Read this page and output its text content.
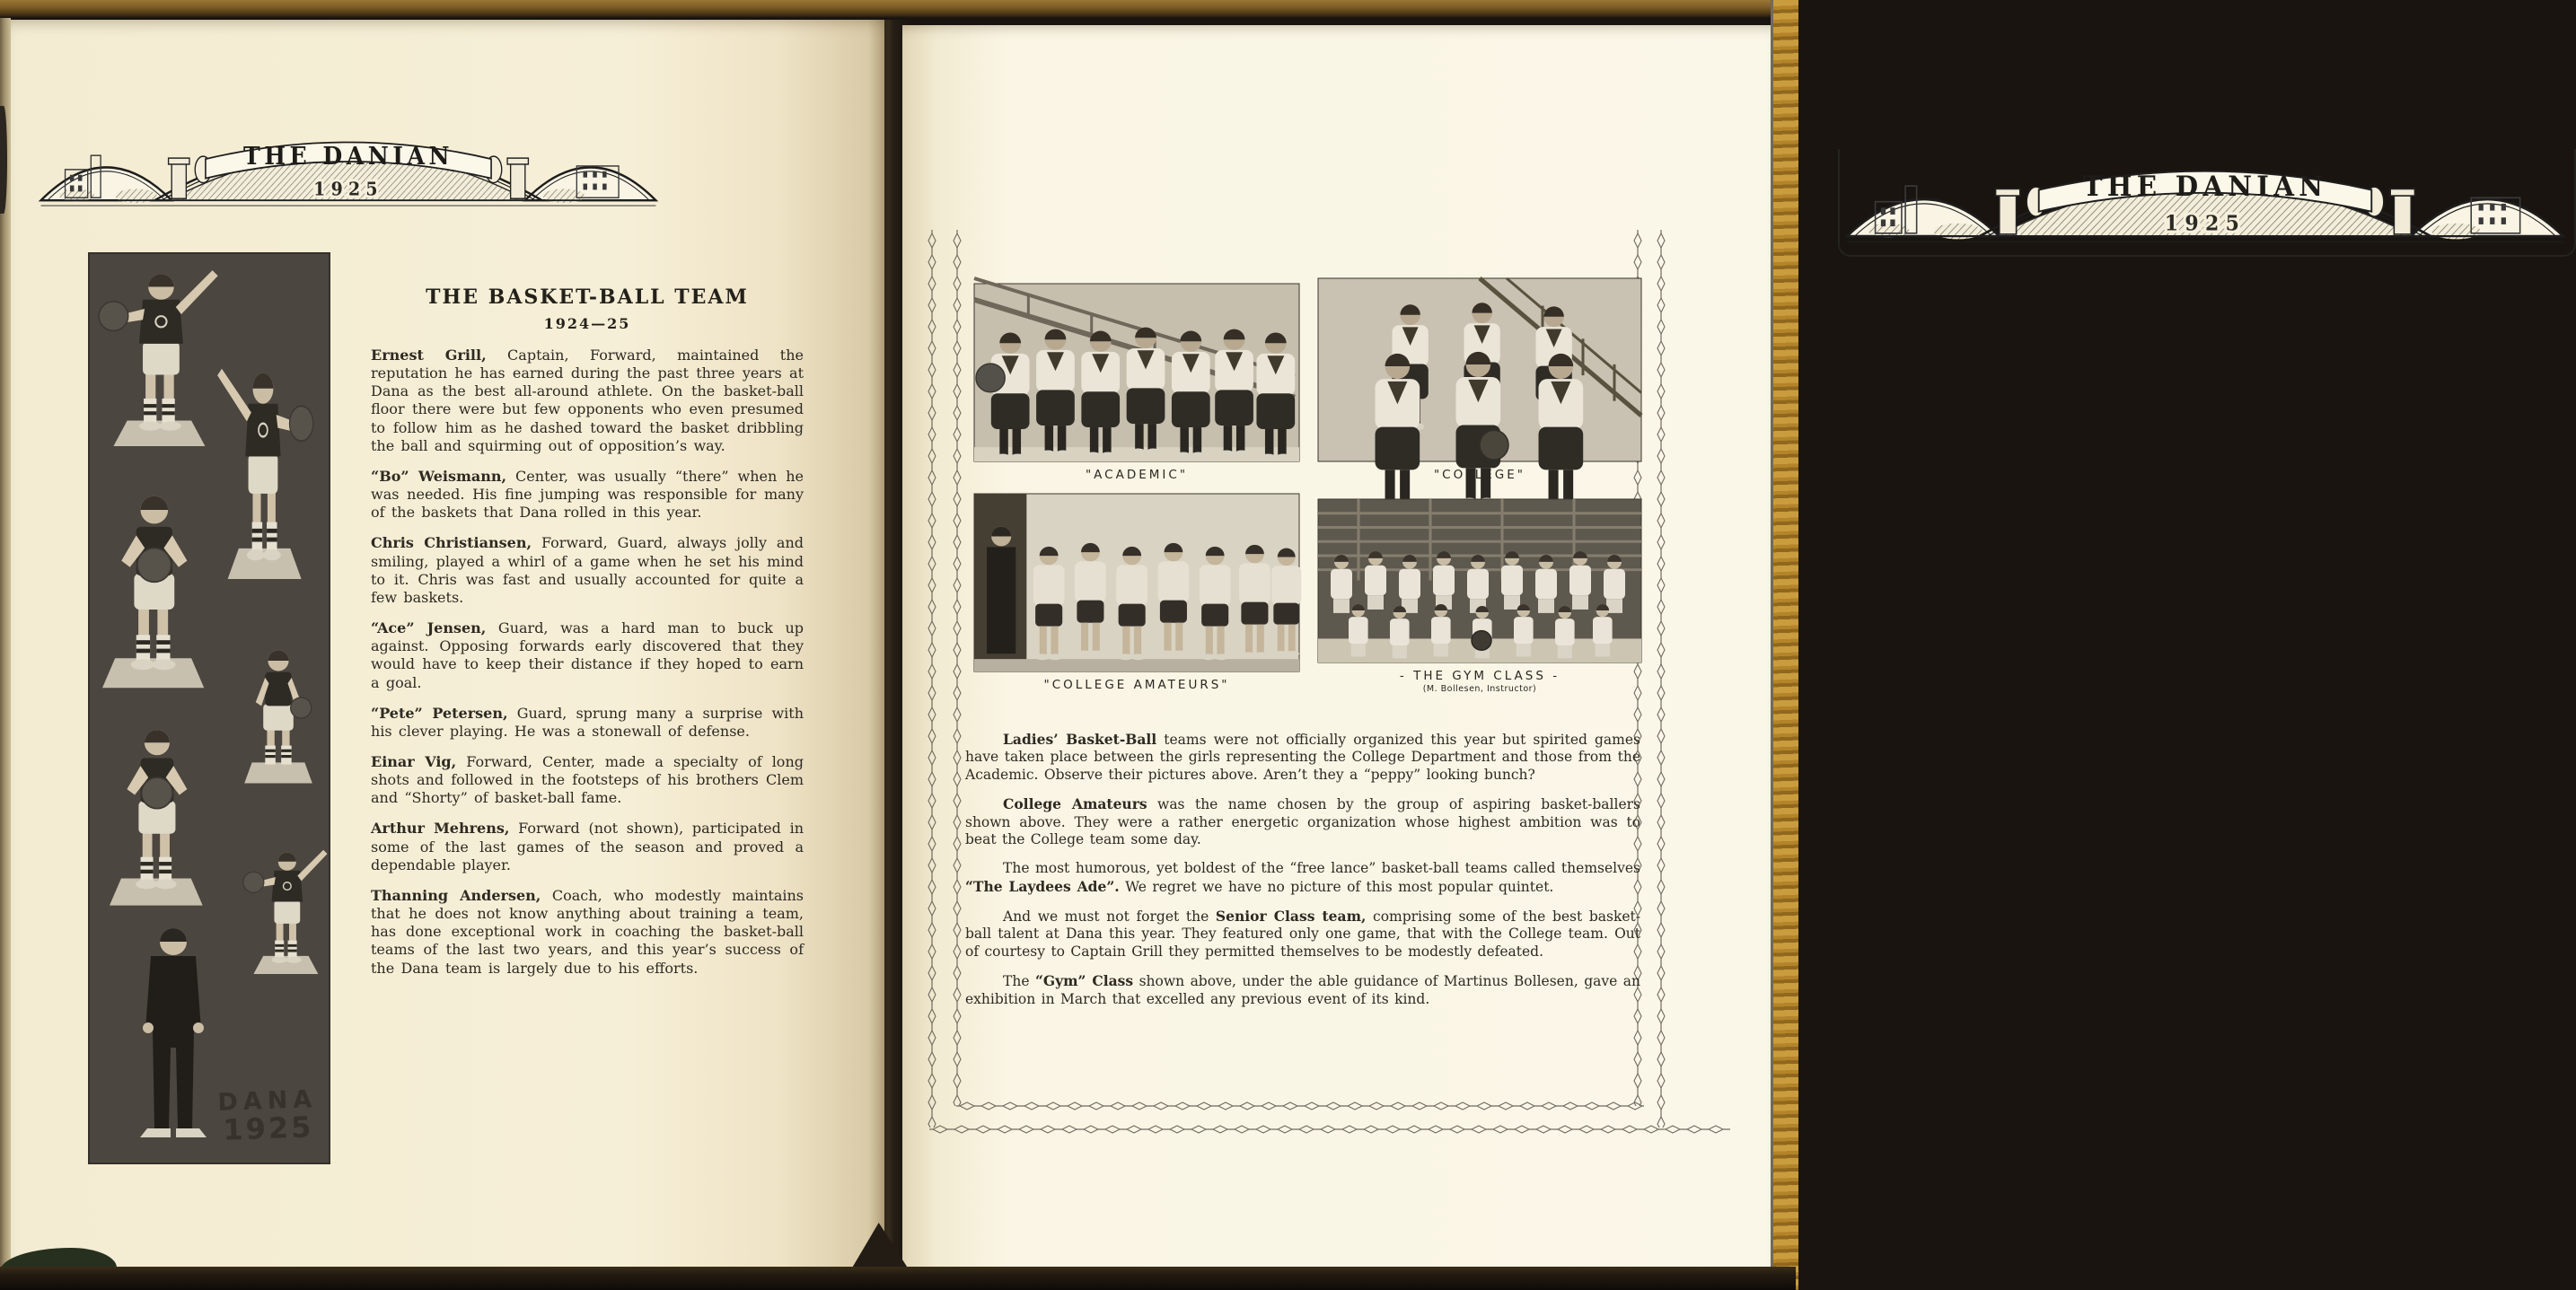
THE DANIAN
1925
DANA
1925
THE BASKET-BALL TEAM
1924—25

Ernest Grill, Captain, Forward, maintained the reputation he has earned during the past three years at Dana as the best all-around athlete. On the basket-ball floor there were but few opponents who even presumed to follow him as he dashed toward the basket dribbling the ball and squirming out of opposition’s way.

“Bo” Weismann, Center, was usually “there” when he was needed. His fine jumping was responsible for many of the baskets that Dana rolled in this year.

Chris Christiansen, Forward, Guard, always jolly and smiling, played a whirl of a game when he set his mind to it. Chris was fast and usually accounted for quite a few baskets.

“Ace” Jensen, Guard, was a hard man to buck up against. Opposing forwards early discovered that they would have to keep their distance if they hoped to earn a goal.

“Pete” Petersen, Guard, sprung many a surprise with his clever playing. He was a stonewall of defense.

Einar Vig, Forward, Center, made a specialty of long shots and followed in the footsteps of his brothers Clem and “Shorty” of basket-ball fame.

Arthur Mehrens, Forward (not shown), participated in some of the last games of the season and proved a dependable player.

Thanning Andersen, Coach, who modestly maintains that he does not know anything about training a team, has done exceptional work in coaching the basket-ball teams of the last two years, and this year’s success of the Dana team is largely due to his efforts.

THE DANIAN
1925
"ACADEMIC"	"COLLEGE"
"COLLEGE AMATEURS"
- THE GYM CLASS -
(M. Bollesen, Instructor)

Ladies’ Basket-Ball teams were not officially organized this year but spirited games have taken place between the girls representing the College Department and those from the Academic. Observe their pictures above. Aren’t they a “peppy” looking bunch?

College Amateurs was the name chosen by the group of aspiring basket-ballers shown above. They were a rather energetic organization whose highest ambition was to beat the College team some day.

The most humorous, yet boldest of the “free lance” basket-ball teams called themselves “The Laydees Ade”. We regret we have no picture of this most popular quintet.

And we must not forget the Senior Class team, comprising some of the best basket-ball talent at Dana this year. They featured only one game, that with the College team. Out of courtesy to Captain Grill they permitted themselves to be modestly defeated.

The “Gym” Class shown above, under the able guidance of Martinus Bollesen, gave an exhibition in March that excelled any previous event of its kind.
